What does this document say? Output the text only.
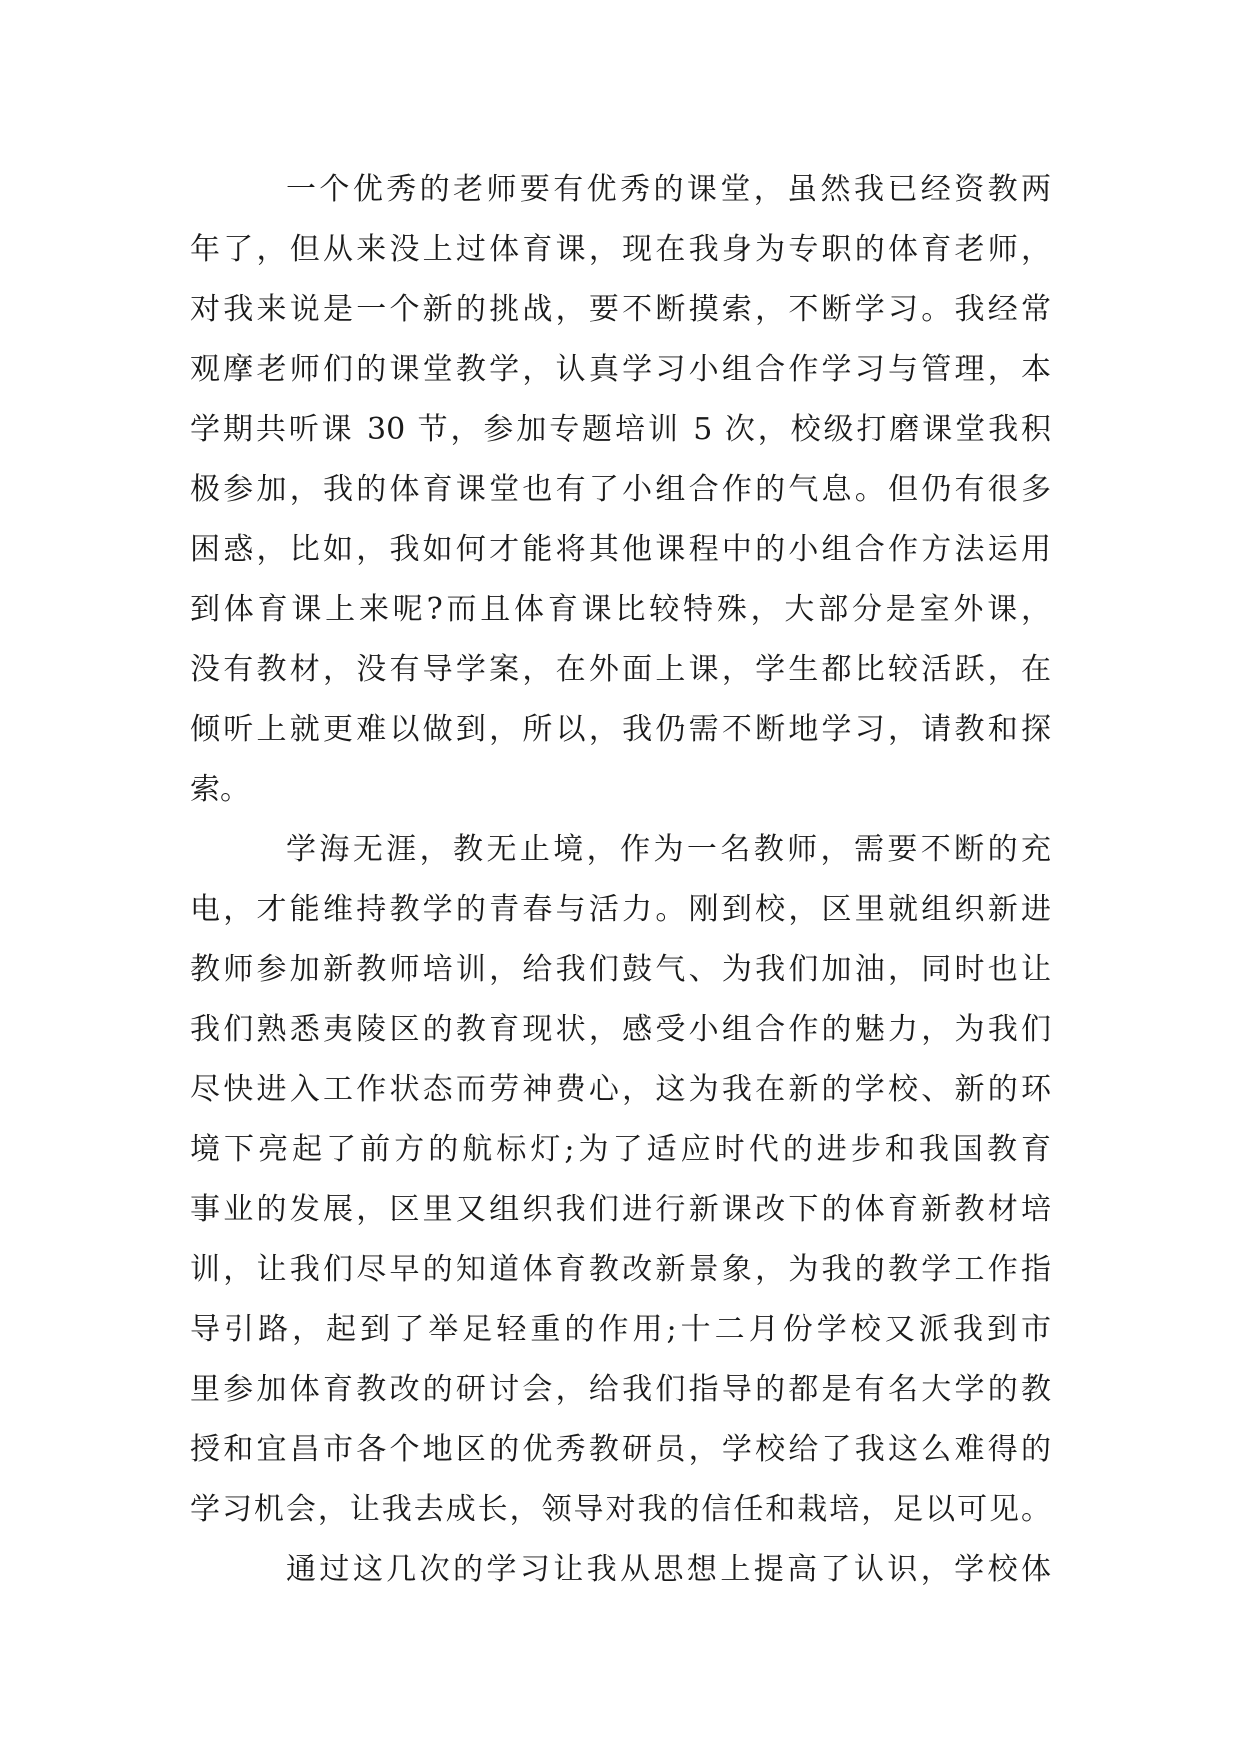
一个优秀的老师要有优秀的课堂，虽然我已经资教两
年了，但从来没上过体育课，现在我身为专职的体育老师，
对我来说是一个新的挑战，要不断摸索，不断学习。我经常
观摩老师们的课堂教学，认真学习小组合作学习与管理，本
学期共听课 30 节，参加专题培训 5 次，校级打磨课堂我积
极参加，我的体育课堂也有了小组合作的气息。但仍有很多
困惑，比如，我如何才能将其他课程中的小组合作方法运用
到体育课上来呢?而且体育课比较特殊，大部分是室外课，
没有教材，没有导学案，在外面上课，学生都比较活跃，在
倾听上就更难以做到，所以，我仍需不断地学习，请教和探
索。
学海无涯，教无止境，作为一名教师，需要不断的充
电，才能维持教学的青春与活力。刚到校，区里就组织新进
教师参加新教师培训，给我们鼓气、为我们加油，同时也让
我们熟悉夷陵区的教育现状，感受小组合作的魅力，为我们
尽快进入工作状态而劳神费心，这为我在新的学校、新的环
境下亮起了前方的航标灯;为了适应时代的进步和我国教育
事业的发展，区里又组织我们进行新课改下的体育新教材培
训，让我们尽早的知道体育教改新景象，为我的教学工作指
导引路，起到了举足轻重的作用;十二月份学校又派我到市
里参加体育教改的研讨会，给我们指导的都是有名大学的教
授和宜昌市各个地区的优秀教研员，学校给了我这么难得的
学习机会，让我去成长，领导对我的信任和栽培，足以可见。
通过这几次的学习让我从思想上提高了认识，学校体
